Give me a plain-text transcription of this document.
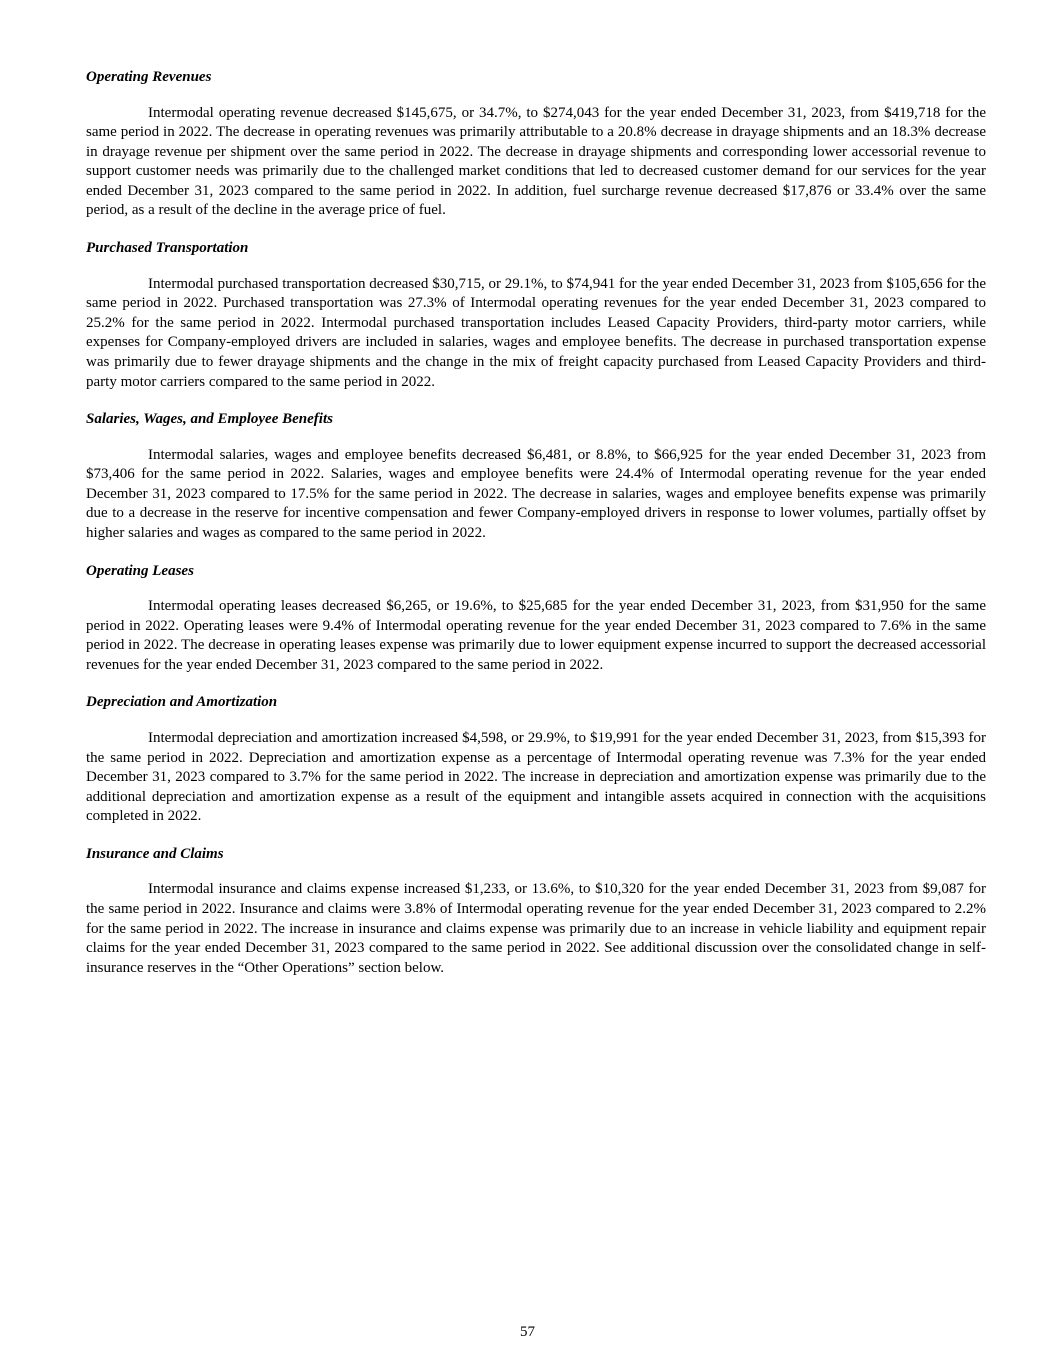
Operating Revenues

Intermodal operating revenue decreased $145,675, or 34.7%, to $274,043 for the year ended December 31, 2023, from $419,718 for the same period in 2022. The decrease in operating revenues was primarily attributable to a 20.8% decrease in drayage shipments and an 18.3% decrease in drayage revenue per shipment over the same period in 2022. The decrease in drayage shipments and corresponding lower accessorial revenue to support customer needs was primarily due to the challenged market conditions that led to decreased customer demand for our services for the year ended December 31, 2023 compared to the same period in 2022. In addition, fuel surcharge revenue decreased $17,876 or 33.4% over the same period, as a result of the decline in the average price of fuel.

Purchased Transportation

Intermodal purchased transportation decreased $30,715, or 29.1%, to $74,941 for the year ended December 31, 2023 from $105,656 for the same period in 2022. Purchased transportation was 27.3% of Intermodal operating revenues for the year ended December 31, 2023 compared to 25.2% for the same period in 2022. Intermodal purchased transportation includes Leased Capacity Providers, third-party motor carriers, while expenses for Company-employed drivers are included in salaries, wages and employee benefits. The decrease in purchased transportation expense was primarily due to fewer drayage shipments and the change in the mix of freight capacity purchased from Leased Capacity Providers and third-party motor carriers compared to the same period in 2022.

Salaries, Wages, and Employee Benefits

Intermodal salaries, wages and employee benefits decreased $6,481, or 8.8%, to $66,925 for the year ended December 31, 2023 from $73,406 for the same period in 2022. Salaries, wages and employee benefits were 24.4% of Intermodal operating revenue for the year ended December 31, 2023 compared to 17.5% for the same period in 2022. The decrease in salaries, wages and employee benefits expense was primarily due to a decrease in the reserve for incentive compensation and fewer Company-employed drivers in response to lower volumes, partially offset by higher salaries and wages as compared to the same period in 2022.

Operating Leases

Intermodal operating leases decreased $6,265, or 19.6%, to $25,685 for the year ended December 31, 2023, from $31,950 for the same period in 2022. Operating leases were 9.4% of Intermodal operating revenue for the year ended December 31, 2023 compared to 7.6% in the same period in 2022. The decrease in operating leases expense was primarily due to lower equipment expense incurred to support the decreased accessorial revenues for the year ended December 31, 2023 compared to the same period in 2022.

Depreciation and Amortization

Intermodal depreciation and amortization increased $4,598, or 29.9%, to $19,991 for the year ended December 31, 2023, from $15,393 for the same period in 2022. Depreciation and amortization expense as a percentage of Intermodal operating revenue was 7.3% for the year ended December 31, 2023 compared to 3.7% for the same period in 2022. The increase in depreciation and amortization expense was primarily due to the additional depreciation and amortization expense as a result of the equipment and intangible assets acquired in connection with the acquisitions completed in 2022.

Insurance and Claims

Intermodal insurance and claims expense increased $1,233, or 13.6%, to $10,320 for the year ended December 31, 2023 from $9,087 for the same period in 2022. Insurance and claims were 3.8% of Intermodal operating revenue for the year ended December 31, 2023 compared to 2.2% for the same period in 2022. The increase in insurance and claims expense was primarily due to an increase in vehicle liability and equipment repair claims for the year ended December 31, 2023 compared to the same period in 2022. See additional discussion over the consolidated change in self-insurance reserves in the “Other Operations” section below.

57
